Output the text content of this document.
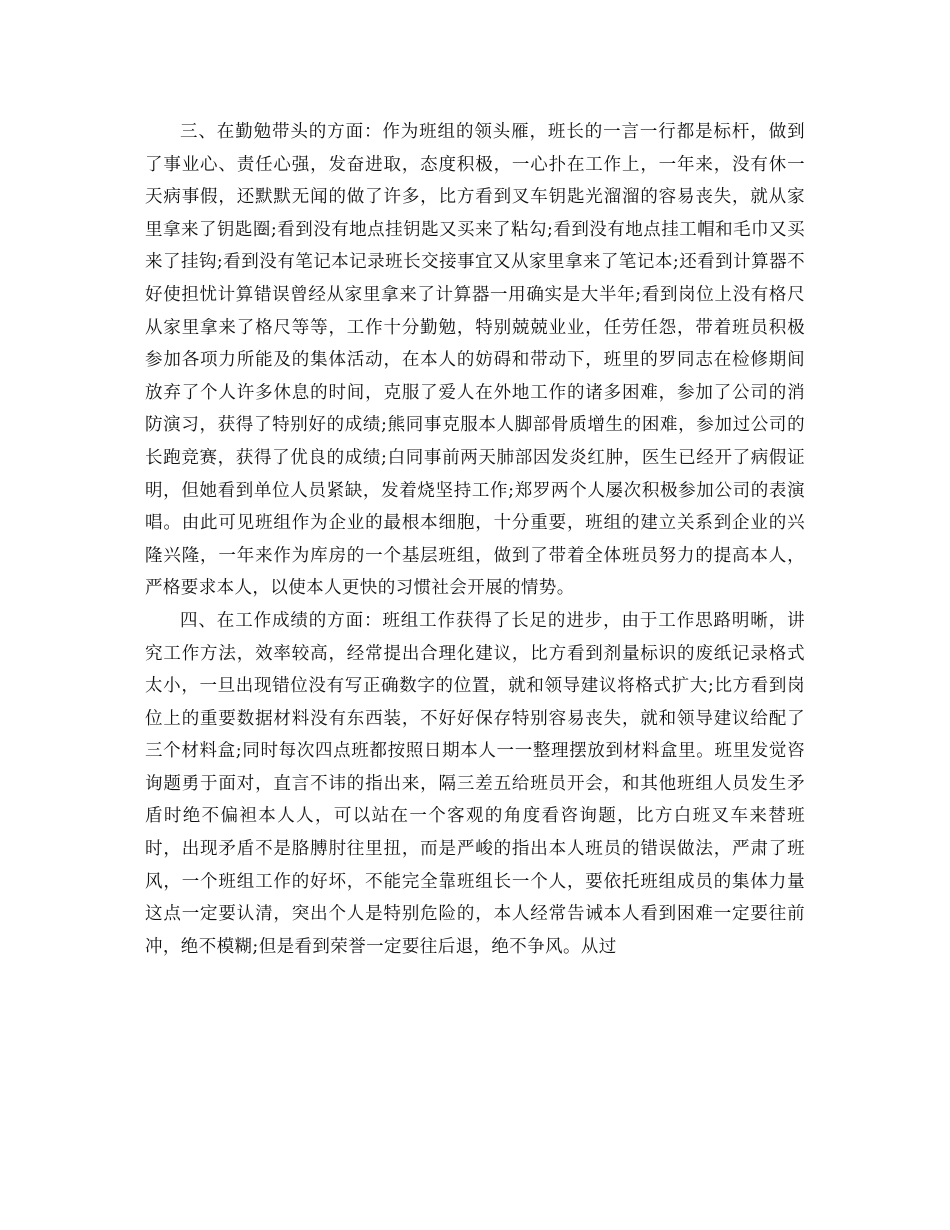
三、在勤勉带头的方面：作为班组的领头雁，班长的一言一行都是标杆，做到了事业心、责任心强，发奋进取，态度积极，一心扑在工作上，一年来，没有休一天病事假，还默默无闻的做了许多，比方看到叉车钥匙光溜溜的容易丧失，就从家里拿来了钥匙圈;看到没有地点挂钥匙又买来了粘勾;看到没有地点挂工帽和毛巾又买来了挂钩;看到没有笔记本记录班长交接事宜又从家里拿来了笔记本;还看到计算器不好使担忧计算错误曾经从家里拿来了计算器一用确实是大半年;看到岗位上没有格尺从家里拿来了格尺等等，工作十分勤勉，特别兢兢业业，任劳任怨，带着班员积极参加各项力所能及的集体活动，在本人的妨碍和带动下，班里的罗同志在检修期间放弃了个人许多休息的时间，克服了爱人在外地工作的诸多困难，参加了公司的消防演习，获得了特别好的成绩;熊同事克服本人脚部骨质增生的困难，参加过公司的长跑竞赛，获得了优良的成绩;白同事前两天肺部因发炎红肿，医生已经开了病假证明，但她看到单位人员紧缺，发着烧坚持工作;郑罗两个人屡次积极参加公司的表演唱。由此可见班组作为企业的最根本细胞，十分重要，班组的建立关系到企业的兴隆兴隆，一年来作为库房的一个基层班组，做到了带着全体班员努力的提高本人，严格要求本人，以使本人更快的习惯社会开展的情势。

四、在工作成绩的方面：班组工作获得了长足的进步，由于工作思路明晰，讲究工作方法，效率较高，经常提出合理化建议，比方看到剂量标识的废纸记录格式太小，一旦出现错位没有写正确数字的位置，就和领导建议将格式扩大;比方看到岗位上的重要数据材料没有东西装，不好好保存特别容易丧失，就和领导建议给配了三个材料盒;同时每次四点班都按照日期本人一一整理摆放到材料盒里。班里发觉咨询题勇于面对，直言不讳的指出来，隔三差五给班员开会，和其他班组人员发生矛盾时绝不偏袒本人人，可以站在一个客观的角度看咨询题，比方白班叉车来替班时，出现矛盾不是胳膊肘往里扭，而是严峻的指出本人班员的错误做法，严肃了班风，一个班组工作的好坏，不能完全靠班组长一个人，要依托班组成员的集体力量这点一定要认清，突出个人是特别危险的，本人经常告诫本人看到困难一定要往前冲，绝不模糊;但是看到荣誉一定要往后退，绝不争风。从过
